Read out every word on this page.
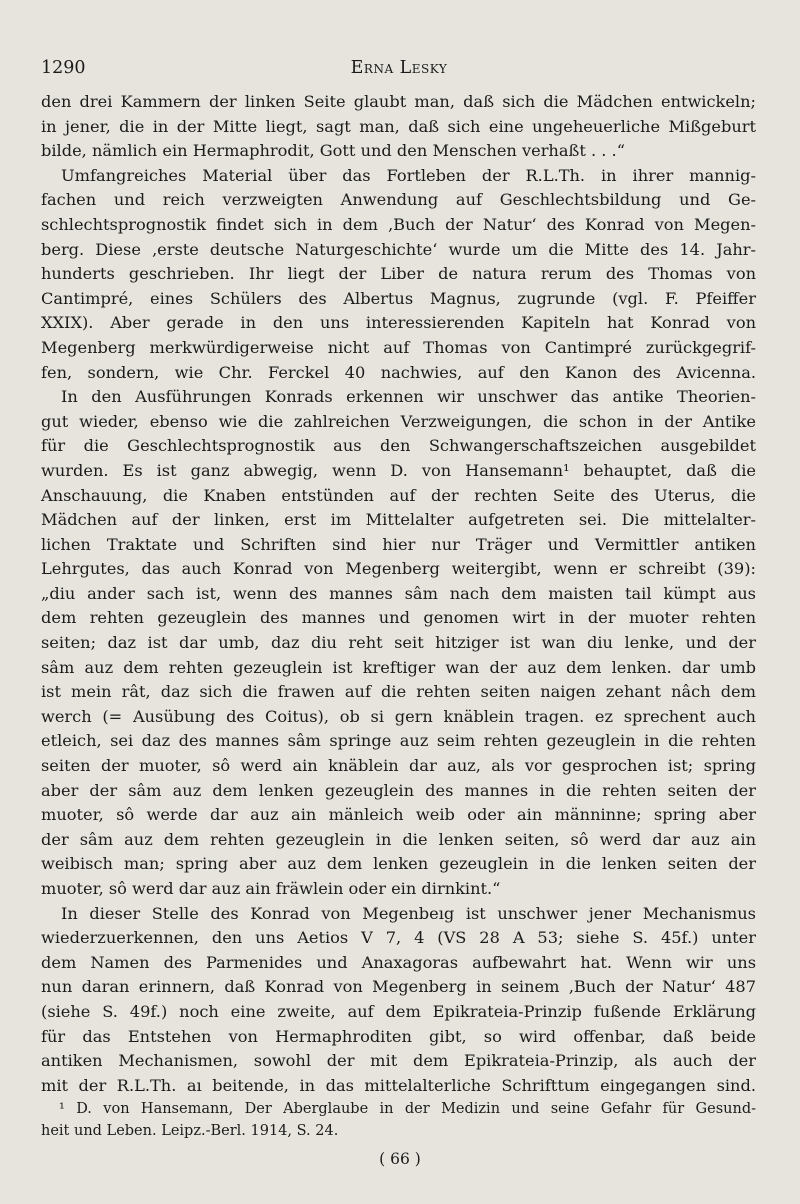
1290	Erna Lesky
den drei Kammern der linken Seite glaubt man, daß sich die Mädchen entwickeln;
in jener, die in der Mitte liegt, sagt man, daß sich eine ungeheuerliche Mißgeburt
bilde, nämlich ein Hermaphrodit, Gott und den Menschen verhaßt . . .“
Umfangreiches Material über das Fortleben der R.L.Th. in ihrer mannig-
fachen und reich verzweigten Anwendung auf Geschlechtsbildung und Ge-
schlechtsprognostik findet sich in dem ‚Buch der Natur‘ des Konrad von Megen-
berg. Diese ‚erste deutsche Naturgeschichte‘ wurde um die Mitte des 14. Jahr-
hunderts geschrieben. Ihr liegt der Liber de natura rerum des Thomas von
Cantimpré, eines Schülers des Albertus Magnus, zugrunde (vgl. F. Pfeiffer
XXIX). Aber gerade in den uns interessierenden Kapiteln hat Konrad von
Megenberg merkwürdigerweise nicht auf Thomas von Cantimpré zurückgegrif-
fen, sondern, wie Chr. Ferckel 40 nachwies, auf den Kanon des Avicenna.
In den Ausführungen Konrads erkennen wir unschwer das antike Theorien-
gut wieder, ebenso wie die zahlreichen Verzweigungen, die schon in der Antike
für die Geschlechtsprognostik aus den Schwangerschaftszeichen ausgebildet
wurden. Es ist ganz abwegig, wenn D. von Hansemann¹ behauptet, daß die
Anschauung, die Knaben entstünden auf der rechten Seite des Uterus, die
Mädchen auf der linken, erst im Mittelalter aufgetreten sei. Die mittelalter-
lichen Traktate und Schriften sind hier nur Träger und Vermittler antiken
Lehrgutes, das auch Konrad von Megenberg weitergibt, wenn er schreibt (39):
„diu ander sach ist, wenn des mannes sâm nach dem maisten tail kümpt aus
dem rehten gezeuglein des mannes und genomen wirt in der muoter rehten
seiten; daz ist dar umb, daz diu reht seit hitziger ist wan diu lenke, und der
sâm auz dem rehten gezeuglein ist kreftiger wan der auz dem lenken. dar umb
ist mein rât, daz sich die frawen auf die rehten seiten naigen zehant nâch dem
werch (= Ausübung des Coitus), ob si gern knäblein tragen. ez sprechent auch
etleich, sei daz des mannes sâm springe auz seim rehten gezeuglein in die rehten
seiten der muoter, sô werd ain knäblein dar auz, als vor gesprochen ist; spring
aber der sâm auz dem lenken gezeuglein des mannes in die rehten seiten der
muoter, sô werde dar auz ain mänleich weib oder ain männinne; spring aber
der sâm auz dem rehten gezeuglein in die lenken seiten, sô werd dar auz ain
weibisch man; spring aber auz dem lenken gezeuglein in die lenken seiten der
muoter, sô werd dar auz ain fräwlein oder ein dirnkint.“
In dieser Stelle des Konrad von Megenbeıg ist unschwer jener Mechanismus
wiederzuerkennen, den uns Aetios V 7, 4 (VS 28 A 53; siehe S. 45f.) unter
dem Namen des Parmenides und Anaxagoras aufbewahrt hat. Wenn wir uns
nun daran erinnern, daß Konrad von Megenberg in seinem ‚Buch der Natur‘ 487
(siehe S. 49f.) noch eine zweite, auf dem Epikrateia-Prinzip fußende Erklärung
für das Entstehen von Hermaphroditen gibt, so wird offenbar, daß beide
antiken Mechanismen, sowohl der mit dem Epikrateia-Prinzip, als auch der
mit der R.L.Th. aı beitende, in das mittelalterliche Schrifttum eingegangen sind.
¹ D. von Hansemann, Der Aberglaube in der Medizin und seine Gefahr für Gesund-
heit und Leben. Leipz.-Berl. 1914, S. 24.
( 66 )
